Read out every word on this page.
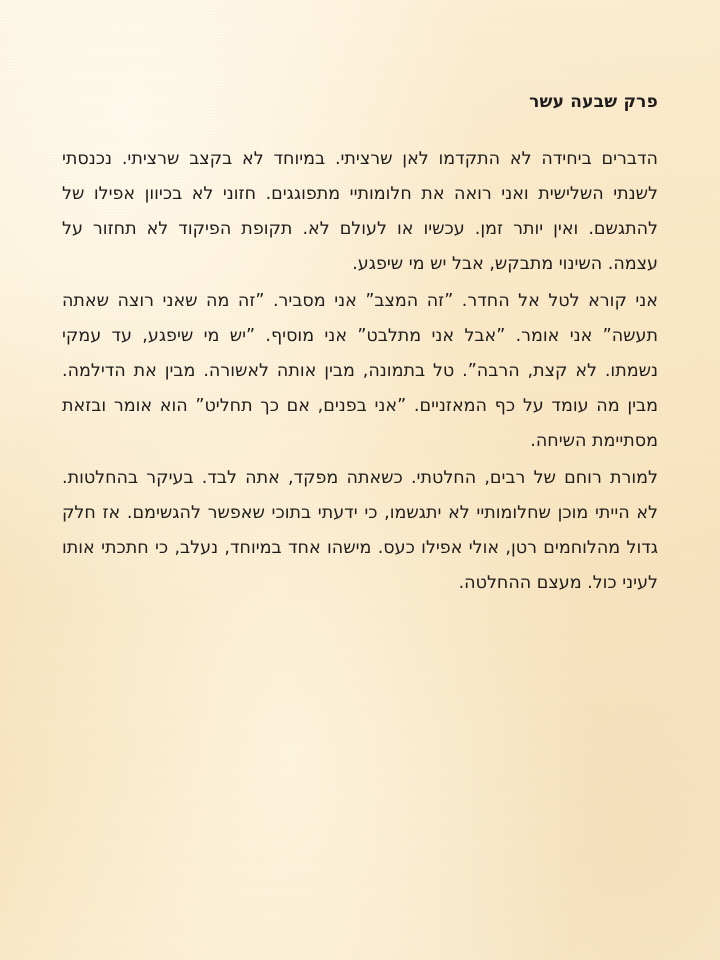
פרק שבעה עשר

הדברים ביחידה לא התקדמו לאן שרציתי. במיוחד לא בקצב שרציתי. נכנסתי לשנתי השלישית ואני רואה את חלומותיי מתפוגגים. חזוני לא בכיוון אפילו של להתגשם. ואין יותר זמן. עכשיו או לעולם לא. תקופת הפיקוד לא תחזור על עצמה. השינוי מתבקש, אבל יש מי שיפגע.

אני קורא לטל אל החדר. ”זה המצב” אני מסביר. ”זה מה שאני רוצה שאתה תעשה” אני אומר. ”אבל אני מתלבט” אני מוסיף. ”יש מי שיפגע, עד עמקי נשמתו. לא קצת, הרבה”. טל בתמונה, מבין אותה לאשורה. מבין את הדילמה. מבין מה עומד על כף המאזניים. ”אני בפנים, אם כך תחליט” הוא אומר ובזאת מסתיימת השיחה.

למורת רוחם של רבים, החלטתי. כשאתה מפקד, אתה לבד. בעיקר בהחלטות. לא הייתי מוכן שחלומותיי לא יתגשמו, כי ידעתי בתוכי שאפשר להגשימם. אז חלק גדול מהלוחמים רטן, אולי אפילו כעס. מישהו אחד במיוחד, נעלב, כי חתכתי אותו לעיני כול. מעצם ההחלטה.
